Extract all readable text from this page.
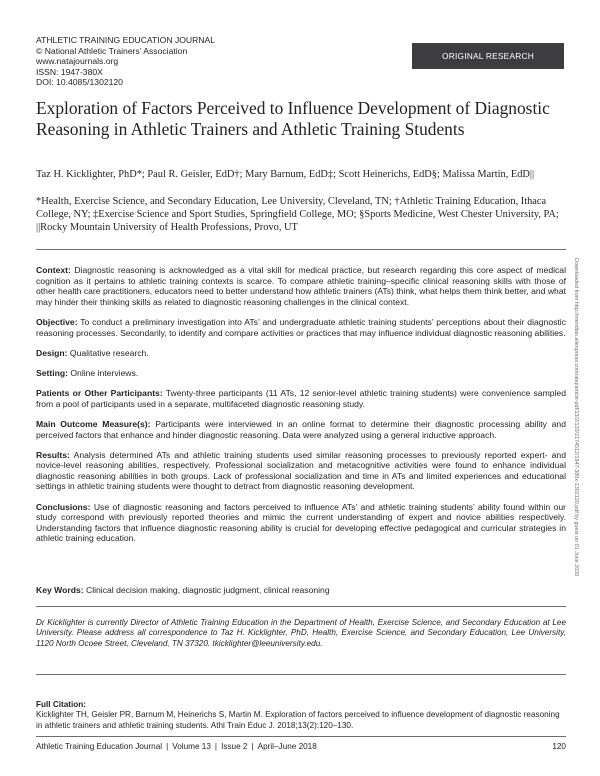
ATHLETIC TRAINING EDUCATION JOURNAL
© National Athletic Trainers’ Association
www.natajournals.org
ISSN: 1947-380X
DOI: 10.4085/1302120
ORIGINAL RESEARCH
Exploration of Factors Perceived to Influence Development of Diagnostic Reasoning in Athletic Trainers and Athletic Training Students
Taz H. Kicklighter, PhD*; Paul R. Geisler, EdD†; Mary Barnum, EdD‡; Scott Heinerichs, EdD§; Malissa Martin, EdD||
*Health, Exercise Science, and Secondary Education, Lee University, Cleveland, TN; †Athletic Training Education, Ithaca College, NY; ‡Exercise Science and Sport Studies, Springfield College, MO; §Sports Medicine, West Chester University, PA; ||Rocky Mountain University of Health Professions, Provo, UT

Context: Diagnostic reasoning is acknowledged as a vital skill for medical practice, but research regarding this core aspect of medical cognition as it pertains to athletic training contexts is scarce. To compare athletic training–specific clinical reasoning skills with those of other health care practitioners, educators need to better understand how athletic trainers (ATs) think, what helps them think better, and what may hinder their thinking skills as related to diagnostic reasoning challenges in the clinical context.

Objective: To conduct a preliminary investigation into ATs’ and undergraduate athletic training students’ perceptions about their diagnostic reasoning processes. Secondarily, to identify and compare activities or practices that may influence individual diagnostic reasoning abilities.

Design: Qualitative research.

Setting: Online interviews.

Patients or Other Participants: Twenty-three participants (11 ATs, 12 senior-level athletic training students) were convenience sampled from a pool of participants used in a separate, multifaceted diagnostic reasoning study.

Main Outcome Measure(s): Participants were interviewed in an online format to determine their diagnostic processing ability and perceived factors that enhance and hinder diagnostic reasoning. Data were analyzed using a general inductive approach.

Results: Analysis determined ATs and athletic training students used similar reasoning processes to previously reported expert- and novice-level reasoning abilities, respectively. Professional socialization and metacognitive activities were found to enhance individual diagnostic reasoning abilities in both groups. Lack of professional socialization and time in ATs and limited experiences and educational settings in athletic training students were thought to detract from diagnostic reasoning development.

Conclusions: Use of diagnostic reasoning and factors perceived to influence ATs’ and athletic training students’ ability found within our study correspond with previously reported theories and mimic the current understanding of expert and novice abilities respectively. Understanding factors that influence diagnostic reasoning ability is crucial for developing effective pedagogical and curricular strategies in athletic training education.

Key Words: Clinical decision making, diagnostic judgment, clinical reasoning
Dr Kicklighter is currently Director of Athletic Training Education in the Department of Health, Exercise Science, and Secondary Education at Lee University. Please address all correspondence to Taz H. Kicklighter, PhD, Health, Exercise Science, and Secondary Education, Lee University, 1120 North Ocoee Street, Cleveland, TN 37320. tkicklighter@leeuniversity.edu.
Full Citation:
Kicklighter TH, Geisler PR, Barnum M, Heinerichs S, Martin M. Exploration of factors perceived to influence development of diagnostic reasoning in athletic trainers and athletic training students. Athl Train Educ J. 2018;13(2):120–130.
Athletic Training Education Journal | Volume 13 | Issue 2 | April–June 2018	120
Downloaded from http://meridian.allenpress.com/atej/article-pdf/13/2/120/2174512/1947-380x-1302120.pdf by guest on 01 June 2020
